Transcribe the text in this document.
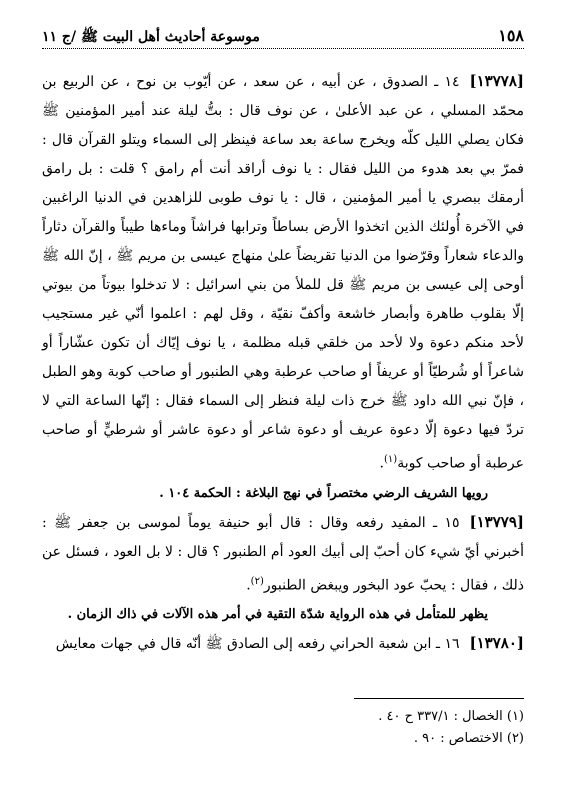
١٥٨
موسوعة أحاديث أهل البيت ﷺ /ج ١١

[١٣٧٧٨]١٤ ـ الصدوق ، عن أبيه ، عن سعد ، عن أيّوب بن نوح ، عن الربيع بن محمّد المسلي ، عن عبد الأعلىٰ ، عن نوف قال : بتُّ ليلة عند أمير المؤمنين ﷺ فكان يصلي الليل كلّه ويخرج ساعة بعد ساعة فينظر إلى السماء ويتلو القرآن قال : فمرّ بي بعد هدوء من الليل فقال : يا نوف أراقد أنت أم رامق ؟ قلت : بل رامق أرمقك ببصري يا أمير المؤمنين ، قال : يا نوف طوبى للزاهدين في الدنيا الراغبين في الآخرة أُولئك الذين اتخذوا الأرض بساطاً وترابها فراشاً وماءها طيباً والقرآن دثاراً والدعاء شعاراً وقرّضوا من الدنيا تقريضاً علىٰ منهاج عيسى بن مريم ﷺ ، إنّ الله ﷺ أوحى إلى عيسى بن مريم ﷺ قل للملأ من بني اسرائيل : لا تدخلوا بيوتاً من بيوتي إلّا بقلوب طاهرة وأبصار خاشعة وأكفّ نقيّة ، وقل لهم : اعلموا أنّي غير مستجيب لأحد منكم دعوة ولا لأحد من خلقي قبله مظلمة ، يا نوف إيّاك أن تكون عشّاراً أو شاعراً أو شُرطيّاً أو عريفاً أو صاحب عرطبة وهي الطنبور أو صاحب كوبة وهو الطبل ، فإنّ نبي الله داود ﷺ خرج ذات ليلة فنظر إلى السماء فقال : إنّها الساعة التي لا تردّ فيها دعوة إلّا دعوة عريف أو دعوة شاعر أو دعوة عاشر أو شرطيٍّ أو صاحب عرطبة أو صاحب كوبة$^{(١)}$.

رويها الشريف الرضي مختصراً في نهج البلاغة : الحكمة ١٠٤ .

[١٣٧٧٩]١٥ ـ المفيد رفعه وقال : قال أبو حنيفة يوماً لموسى بن جعفر ﷺ : أخبرني أيّ شيء كان أحبّ إلى أبيك العود أم الطنبور ؟ قال : لا بل العود ، فسئل عن ذلك ، فقال : يحبّ عود البخور ويبغض الطنبور$^{(٢)}$.

يظهر للمتأمل في هذه الرواية شدّة التقية في أمر هذه الآلات في ذاك الزمان .

[١٣٧٨٠]١٦ ـ ابن شعبة الحراني رفعه إلى الصادق ﷺ أنّه قال في جهات معايش

(١) الخصال : ٣٣٧/١ ح ٤٠ .
(٢) الاختصاص : ٩٠ .
